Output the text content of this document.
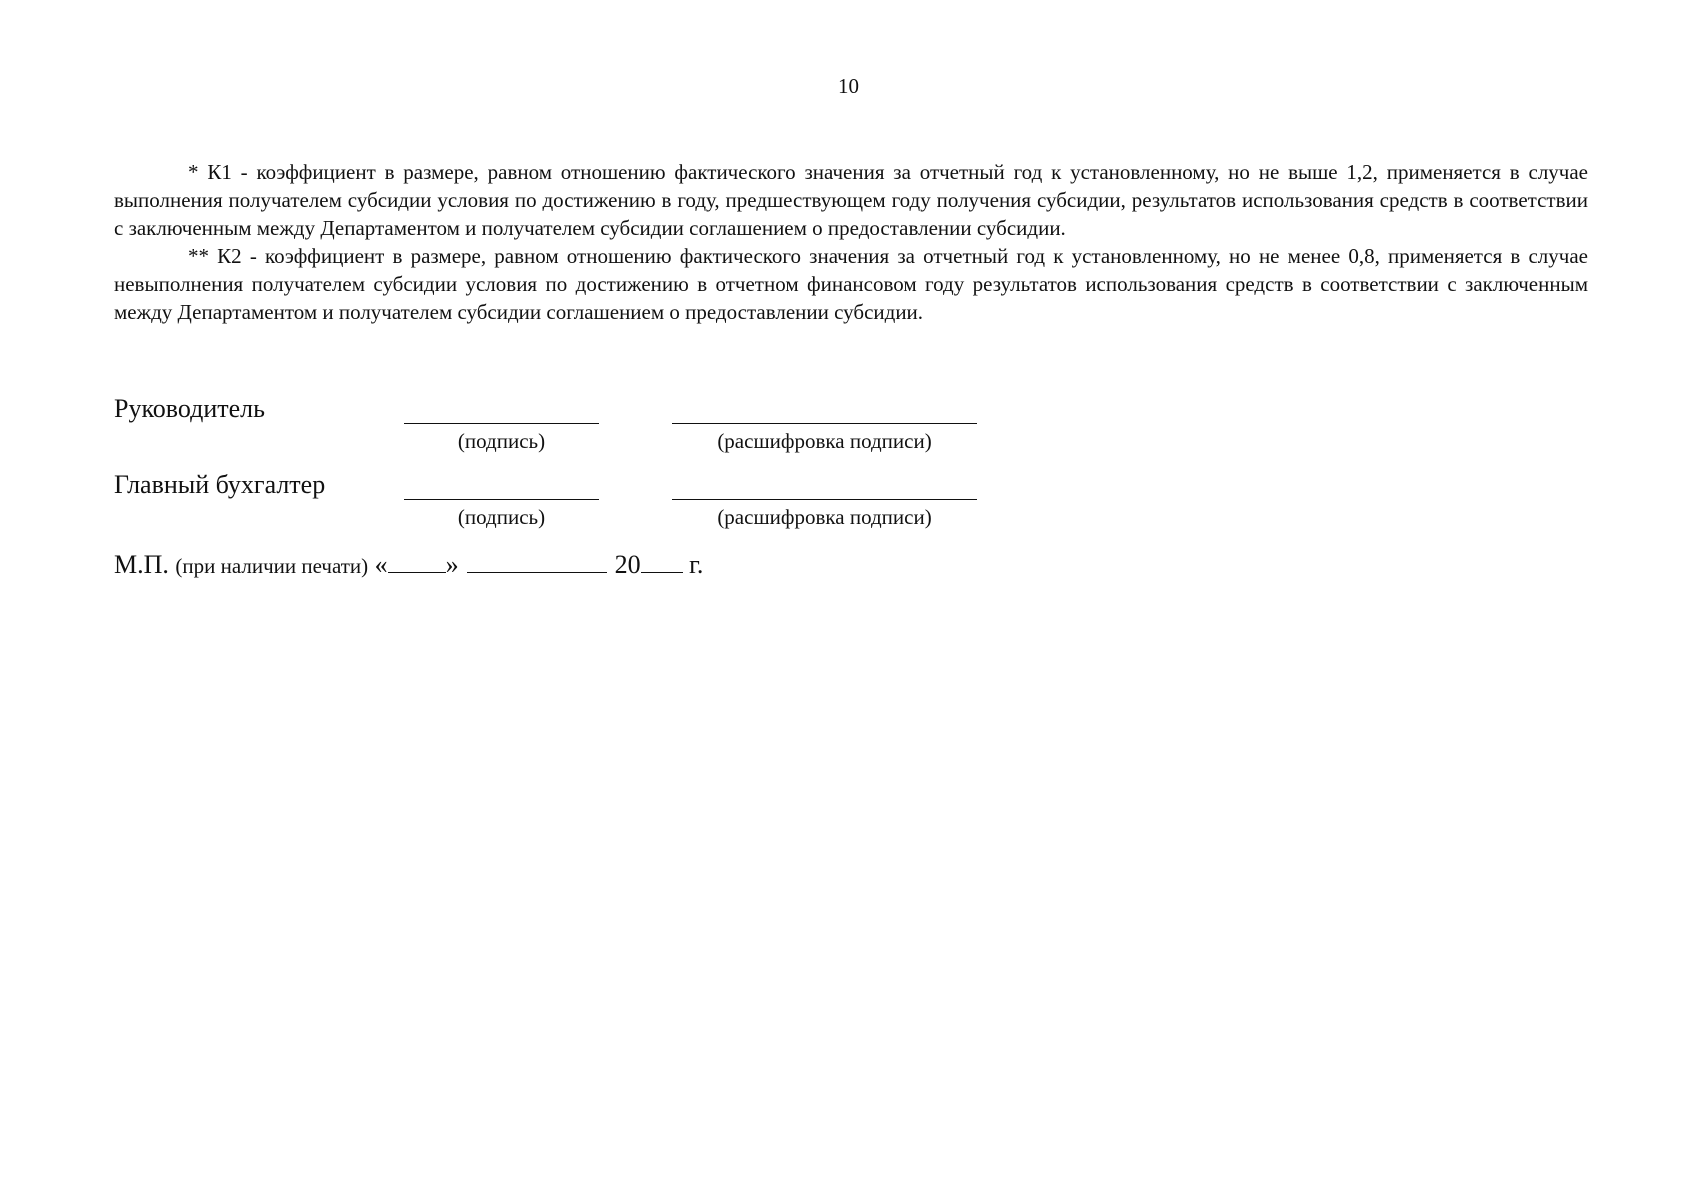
10

* К1 - коэффициент в размере, равном отношению фактического значения за отчетный год к установленному, но не выше 1,2, применяется в случае выполнения получателем субсидии условия по достижению в году, предшествующем году получения субсидии, результатов использования средств в соответствии с заключенным между Департаментом и получателем субсидии соглашением о предоставлении субсидии.

** К2 - коэффициент в размере, равном отношению фактического значения за отчетный год к установленному, но не менее 0,8, применяется в случае невыполнения получателем субсидии условия по достижению в отчетном финансовом году результатов использования средств в соответствии с заключенным между Департаментом и получателем субсидии соглашением о предоставлении субсидии.

Руководитель
(подпись)	(расшифровка подписи)
Главный бухгалтер
(подпись)	(расшифровка подписи)
М.П. (при наличии печати) « »	20 г.
